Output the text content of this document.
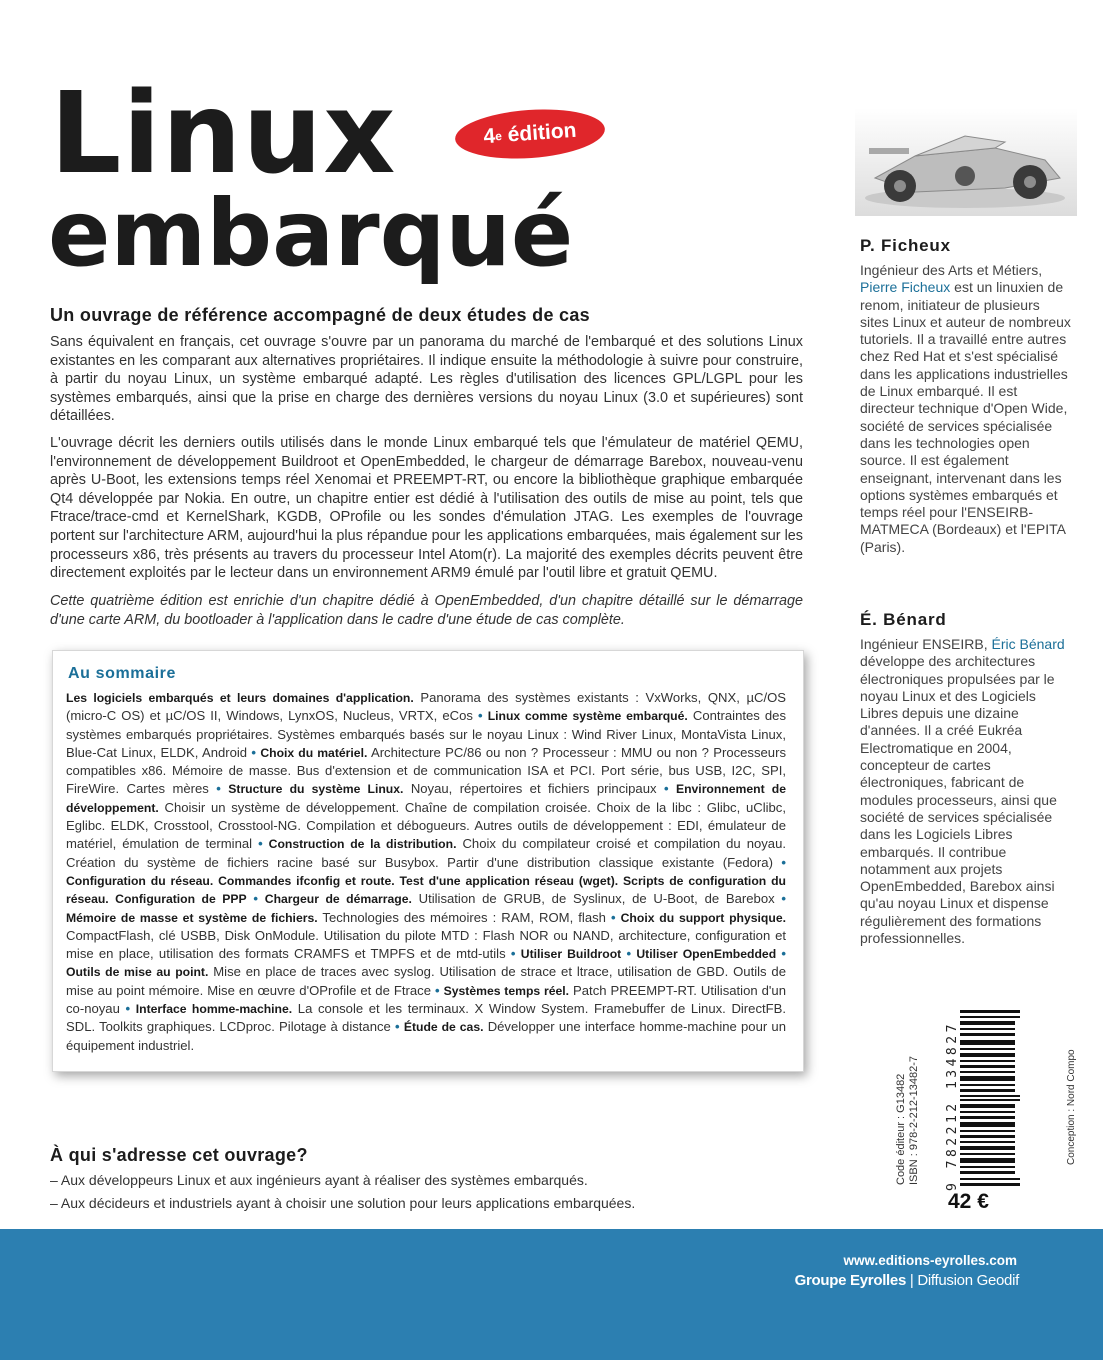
Linux
embarqué
4
e
édition
Un ouvrage de référence accompagné de deux études de cas
Sans équivalent en français, cet ouvrage s'ouvre par un panorama du marché de l'embarqué et des solutions Linux existantes en les comparant aux alternatives propriétaires. Il indique ensuite la méthodologie à suivre pour construire, à partir du noyau Linux, un système embarqué adapté. Les règles d'utilisation des licences GPL/LGPL pour les systèmes embarqués, ainsi que la prise en charge des dernières versions du noyau Linux (3.0 et supérieures) sont détaillées.
L'ouvrage décrit les derniers outils utilisés dans le monde Linux embarqué tels que l'émulateur de matériel QEMU, l'environnement de développement Buildroot et OpenEmbedded, le chargeur de démarrage Barebox, nouveau-venu après U-Boot, les extensions temps réel Xenomai et PREEMPT-RT, ou encore la bibliothèque graphique embarquée Qt4 développée par Nokia. En outre, un chapitre entier est dédié à l'utilisation des outils de mise au point, tels que Ftrace/trace-cmd et KernelShark, KGDB, OProfile ou les sondes d'émulation JTAG. Les exemples de l'ouvrage portent sur l'architecture ARM, aujourd'hui la plus répandue pour les applications embarquées, mais également sur les processeurs x86, très présents au travers du processeur Intel Atom(r). La majorité des exemples décrits peuvent être directement exploités par le lecteur dans un environnement ARM9 émulé par l'outil libre et gratuit QEMU.
Cette quatrième édition est enrichie d'un chapitre dédié à OpenEmbedded, d'un chapitre détaillé sur le démarrage d'une carte ARM, du bootloader à l'application dans le cadre d'une étude de cas complète.
Au sommaire
Les logiciels embarqués et leurs domaines d'application. Panorama des systèmes existants : VxWorks, QNX, µC/OS (micro-C OS) et µC/OS II, Windows, LynxOS, Nucleus, VRTX, eCos • Linux comme système embarqué. Contraintes des systèmes embarqués propriétaires. Systèmes embarqués basés sur le noyau Linux : Wind River Linux, MontaVista Linux, Blue-Cat Linux, ELDK, Android • Choix du matériel. Architecture PC/86 ou non ? Processeur : MMU ou non ? Processeurs compatibles x86. Mémoire de masse. Bus d'extension et de communication ISA et PCI. Port série, bus USB, I2C, SPI, FireWire. Cartes mères • Structure du système Linux. Noyau, répertoires et fichiers principaux • Environnement de développement. Choisir un système de développement. Chaîne de compilation croisée. Choix de la libc : Glibc, uClibc, Eglibc. ELDK, Crosstool, Crosstool-NG. Compilation et débogueurs. Autres outils de développement : EDI, émulateur de matériel, émulation de terminal • Construction de la distribution. Choix du compilateur croisé et compilation du noyau. Création du système de fichiers racine basé sur Busybox. Partir d'une distribution classique existante (Fedora) • Configuration du réseau. Commandes ifconfig et route. Test d'une application réseau (wget). Scripts de configuration du réseau. Configuration de PPP • Chargeur de démarrage. Utilisation de GRUB, de Syslinux, de U-Boot, de Barebox • Mémoire de masse et système de fichiers. Technologies des mémoires : RAM, ROM, flash • Choix du support physique. CompactFlash, clé USBB, Disk OnModule. Utilisation du pilote MTD : Flash NOR ou NAND, architecture, configuration et mise en place, utilisation des formats CRAMFS et TMPFS et de mtd-utils • Utiliser Buildroot • Utiliser OpenEmbedded • Outils de mise au point. Mise en place de traces avec syslog. Utilisation de strace et ltrace, utilisation de GBD. Outils de mise au point mémoire. Mise en œuvre d'OProfile et de Ftrace • Systèmes temps réel. Patch PREEMPT-RT. Utilisation d'un co-noyau • Interface homme-machine. La console et les terminaux. X Window System. Framebuffer de Linux. DirectFB. SDL. Toolkits graphiques. LCDproc. Pilotage à distance • Étude de cas. Développer une interface homme-machine pour un équipement industriel.
À qui s'adresse cet ouvrage?
– Aux développeurs Linux et aux ingénieurs ayant à réaliser des systèmes embarqués.
– Aux décideurs et industriels ayant à choisir une solution pour leurs applications embarquées.
P. Ficheux
Ingénieur des Arts et Métiers, Pierre Ficheux est un linuxien de renom, initiateur de plusieurs sites Linux et auteur de nombreux tutoriels. Il a travaillé entre autres chez Red Hat et s'est spécialisé dans les applications industrielles de Linux embarqué. Il est directeur technique d'Open Wide, société de services spécialisée dans les technologies open source. Il est également enseignant, intervenant dans les options systèmes embarqués et temps réel pour l'ENSEIRB-MATMECA (Bordeaux) et l'EPITA (Paris).
É. Bénard
Ingénieur ENSEIRB, Éric Bénard développe des architectures électroniques propulsées par le noyau Linux et des Logiciels Libres depuis une dizaine d'années. Il a créé Eukréa Electromatique en 2004, concepteur de cartes électroniques, fabricant de modules processeurs, ainsi que société de services spécialisée dans les Logiciels Libres embarqués. Il contribue notamment aux projets OpenEmbedded, Barebox ainsi qu'au noyau Linux et dispense régulièrement des formations professionnelles.
Code éditeur : G13482 ISBN : 978-2-212-13482-7 9 782212 134827	Conception : Nord Compo
42 €
www.editions-eyrolles.com
Groupe Eyrolles | Diffusion Geodif
